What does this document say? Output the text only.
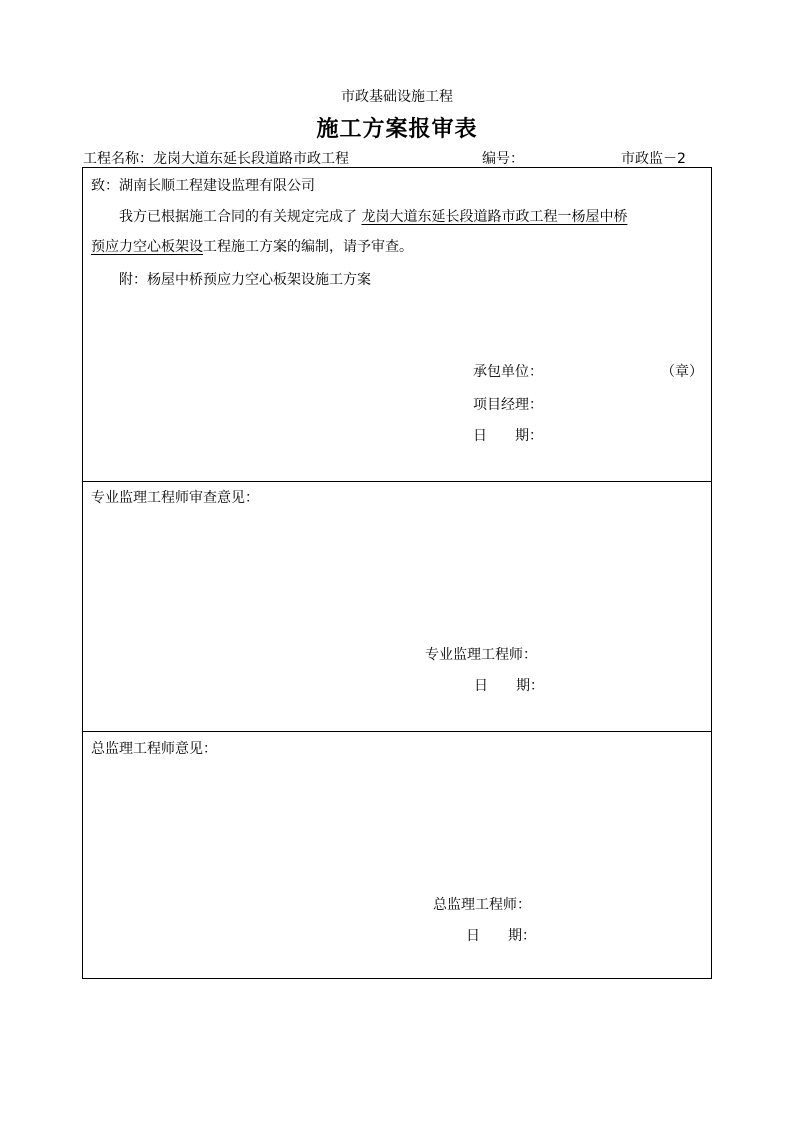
市政基础设施工程
施工方案报审表
工程名称：龙岗大道东延长段道路市政工程	编号：	市政监－2
致：湖南长顺工程建设监理有限公司
我方已根据施工合同的有关规定完成了 龙岗大道东延长段道路市政工程一杨屋中桥
预应力空心板架设工程施工方案的编制，请予审查。
附：杨屋中桥预应力空心板架设施工方案
承包单位：	（章）
项目经理：
日　　期：
专业监理工程师审查意见：
专业监理工程师：
日　　期：
总监理工程师意见：
总监理工程师：
日　　期：
